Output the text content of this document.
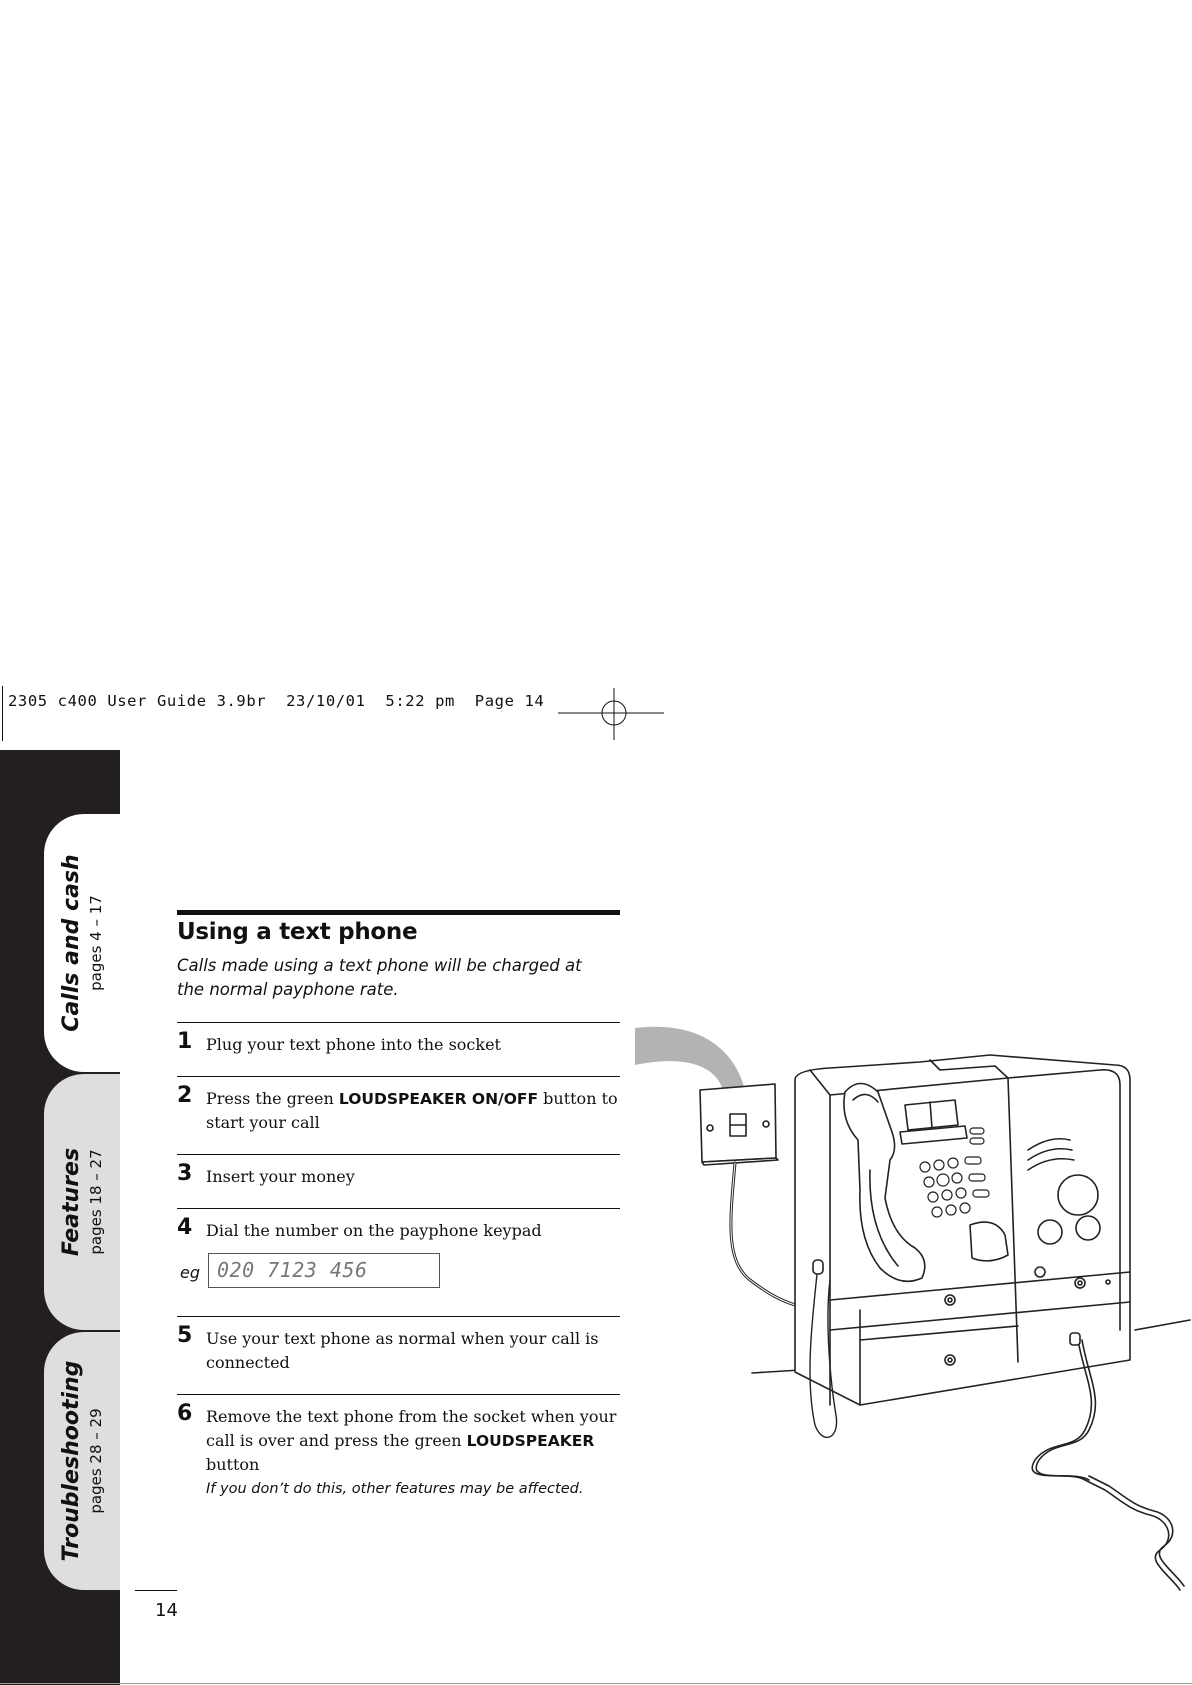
2305 c400 User Guide 3.9br  23/10/01  5:22 pm  Page 14
Calls and cash pages 4 – 17
Features pages 18 – 27
Troubleshooting pages 28 – 29
Using a text phone
Calls made using a text phone will be charged at the normal payphone rate.
1 Plug your text phone into the socket
2 Press the green LOUDSPEAKER ON/OFF button to start your call
3 Insert your money
4 Dial the number on the payphone keypad
eg 020 7123 456
5 Use your text phone as normal when your call is connected
6 Remove the text phone from the socket when your call is over and press the green LOUDSPEAKER button
If you don’t do this, other features may be affected.
14
